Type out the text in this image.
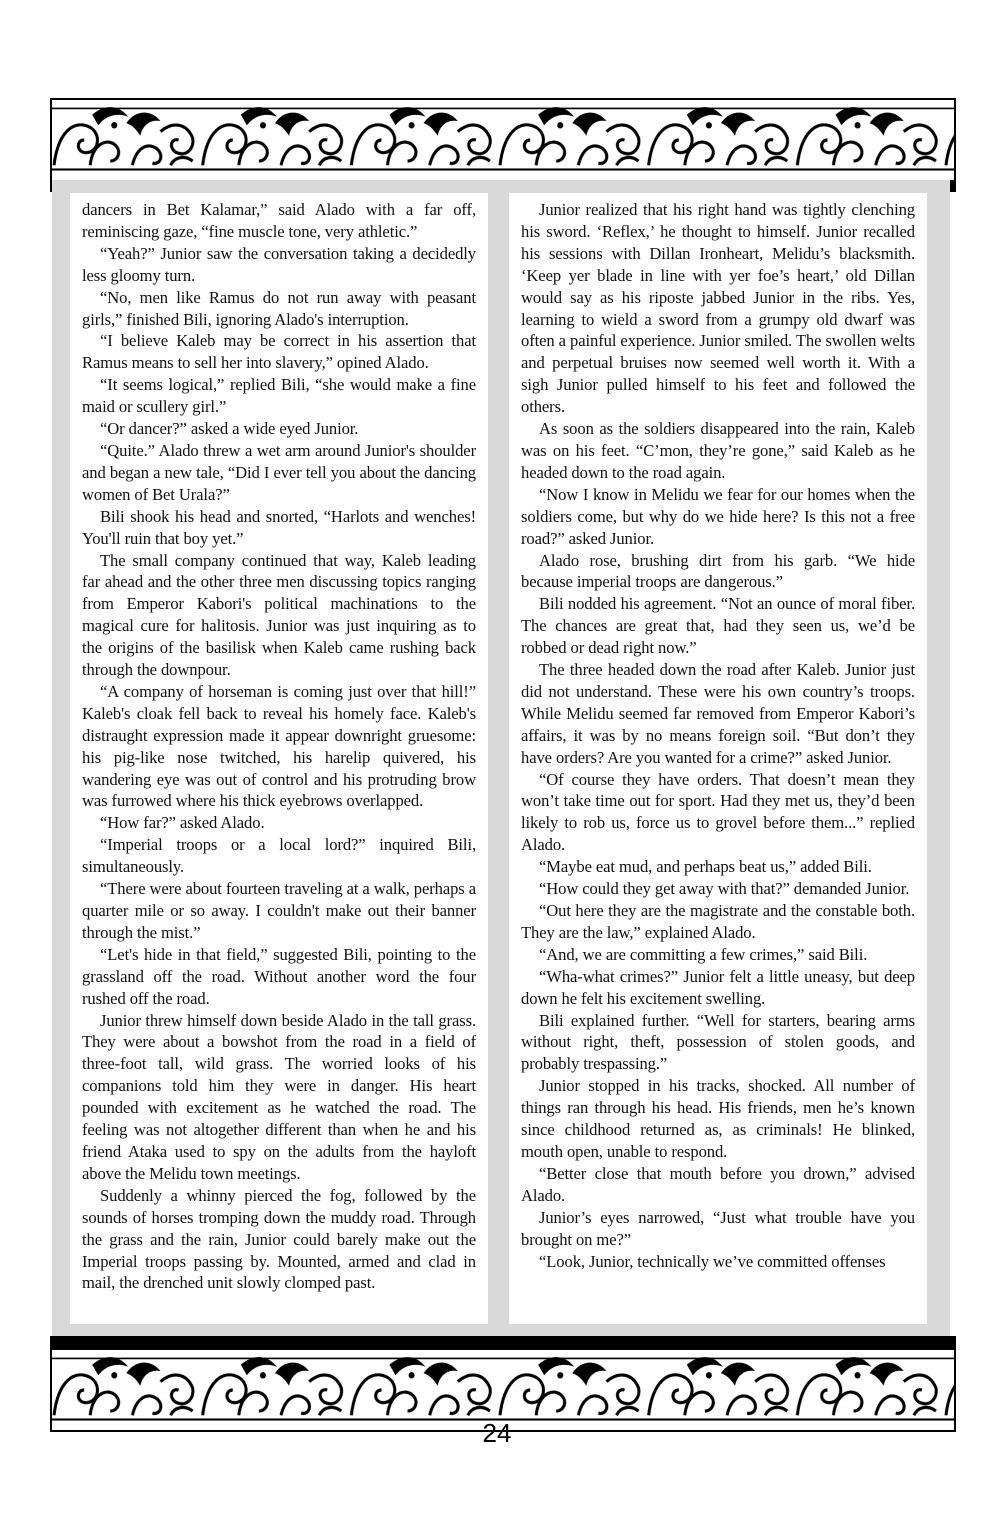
dancers in Bet Kalamar,” said Alado with a far off, reminiscing gaze, “fine muscle tone, very athletic.”

“Yeah?” Junior saw the conversation taking a decidedly less gloomy turn.

“No, men like Ramus do not run away with peasant girls,” finished Bili, ignoring Alado's interruption.

“I believe Kaleb may be correct in his assertion that Ramus means to sell her into slavery,” opined Alado.

“It seems logical,” replied Bili, “she would make a fine maid or scullery girl.”

“Or dancer?” asked a wide eyed Junior.

“Quite.” Alado threw a wet arm around Junior's shoulder and began a new tale, “Did I ever tell you about the dancing women of Bet Urala?”

Bili shook his head and snorted, “Harlots and wenches! You'll ruin that boy yet.”

The small company continued that way, Kaleb leading far ahead and the other three men discussing topics ranging from Emperor Kabori's political machinations to the magical cure for halitosis. Junior was just inquiring as to the origins of the basilisk when Kaleb came rushing back through the downpour.

“A company of horseman is coming just over that hill!” Kaleb's cloak fell back to reveal his homely face. Kaleb's distraught expression made it appear downright gruesome: his pig-like nose twitched, his harelip quivered, his wandering eye was out of control and his protruding brow was furrowed where his thick eyebrows overlapped.

“How far?” asked Alado.

“Imperial troops or a local lord?” inquired Bili, simultaneously.

“There were about fourteen traveling at a walk, perhaps a quarter mile or so away. I couldn't make out their banner through the mist.”

“Let's hide in that field,” suggested Bili, pointing to the grassland off the road. Without another word the four rushed off the road.

Junior threw himself down beside Alado in the tall grass. They were about a bowshot from the road in a field of three-foot tall, wild grass. The worried looks of his companions told him they were in danger. His heart pounded with excitement as he watched the road. The feeling was not altogether different than when he and his friend Ataka used to spy on the adults from the hayloft above the Melidu town meetings.

Suddenly a whinny pierced the fog, followed by the sounds of horses tromping down the muddy road. Through the grass and the rain, Junior could barely make out the Imperial troops passing by. Mounted, armed and clad in mail, the drenched unit slowly clomped past.

Junior realized that his right hand was tightly clenching his sword. ‘Reflex,’ he thought to himself. Junior recalled his sessions with Dillan Ironheart, Melidu’s blacksmith. ‘Keep yer blade in line with yer foe’s heart,’ old Dillan would say as his riposte jabbed Junior in the ribs. Yes, learning to wield a sword from a grumpy old dwarf was often a painful experience. Junior smiled. The swollen welts and perpetual bruises now seemed well worth it. With a sigh Junior pulled himself to his feet and followed the others.

As soon as the soldiers disappeared into the rain, Kaleb was on his feet. “C’mon, they’re gone,” said Kaleb as he headed down to the road again.

“Now I know in Melidu we fear for our homes when the soldiers come, but why do we hide here? Is this not a free road?” asked Junior.

Alado rose, brushing dirt from his garb. “We hide because imperial troops are dangerous.”

Bili nodded his agreement. “Not an ounce of moral fiber. The chances are great that, had they seen us, we’d be robbed or dead right now.”

The three headed down the road after Kaleb. Junior just did not understand. These were his own country’s troops. While Melidu seemed far removed from Emperor Kabori’s affairs, it was by no means foreign soil. “But don’t they have orders? Are you wanted for a crime?” asked Junior.

“Of course they have orders. That doesn’t mean they won’t take time out for sport. Had they met us, they’d been likely to rob us, force us to grovel before them...” replied Alado.

“Maybe eat mud, and perhaps beat us,” added Bili.

“How could they get away with that?” demanded Junior.

“Out here they are the magistrate and the constable both. They are the law,” explained Alado.

“And, we are committing a few crimes,” said Bili.

“Wha-what crimes?” Junior felt a little uneasy, but deep down he felt his excitement swelling.

Bili explained further. “Well for starters, bearing arms without right, theft, possession of stolen goods, and probably trespassing.”

Junior stopped in his tracks, shocked. All number of things ran through his head. His friends, men he’s known since childhood returned as, as criminals! He blinked, mouth open, unable to respond.

“Better close that mouth before you drown,” advised Alado.

Junior’s eyes narrowed, “Just what trouble have you brought on me?”

“Look, Junior, technically we’ve committed offenses

24
